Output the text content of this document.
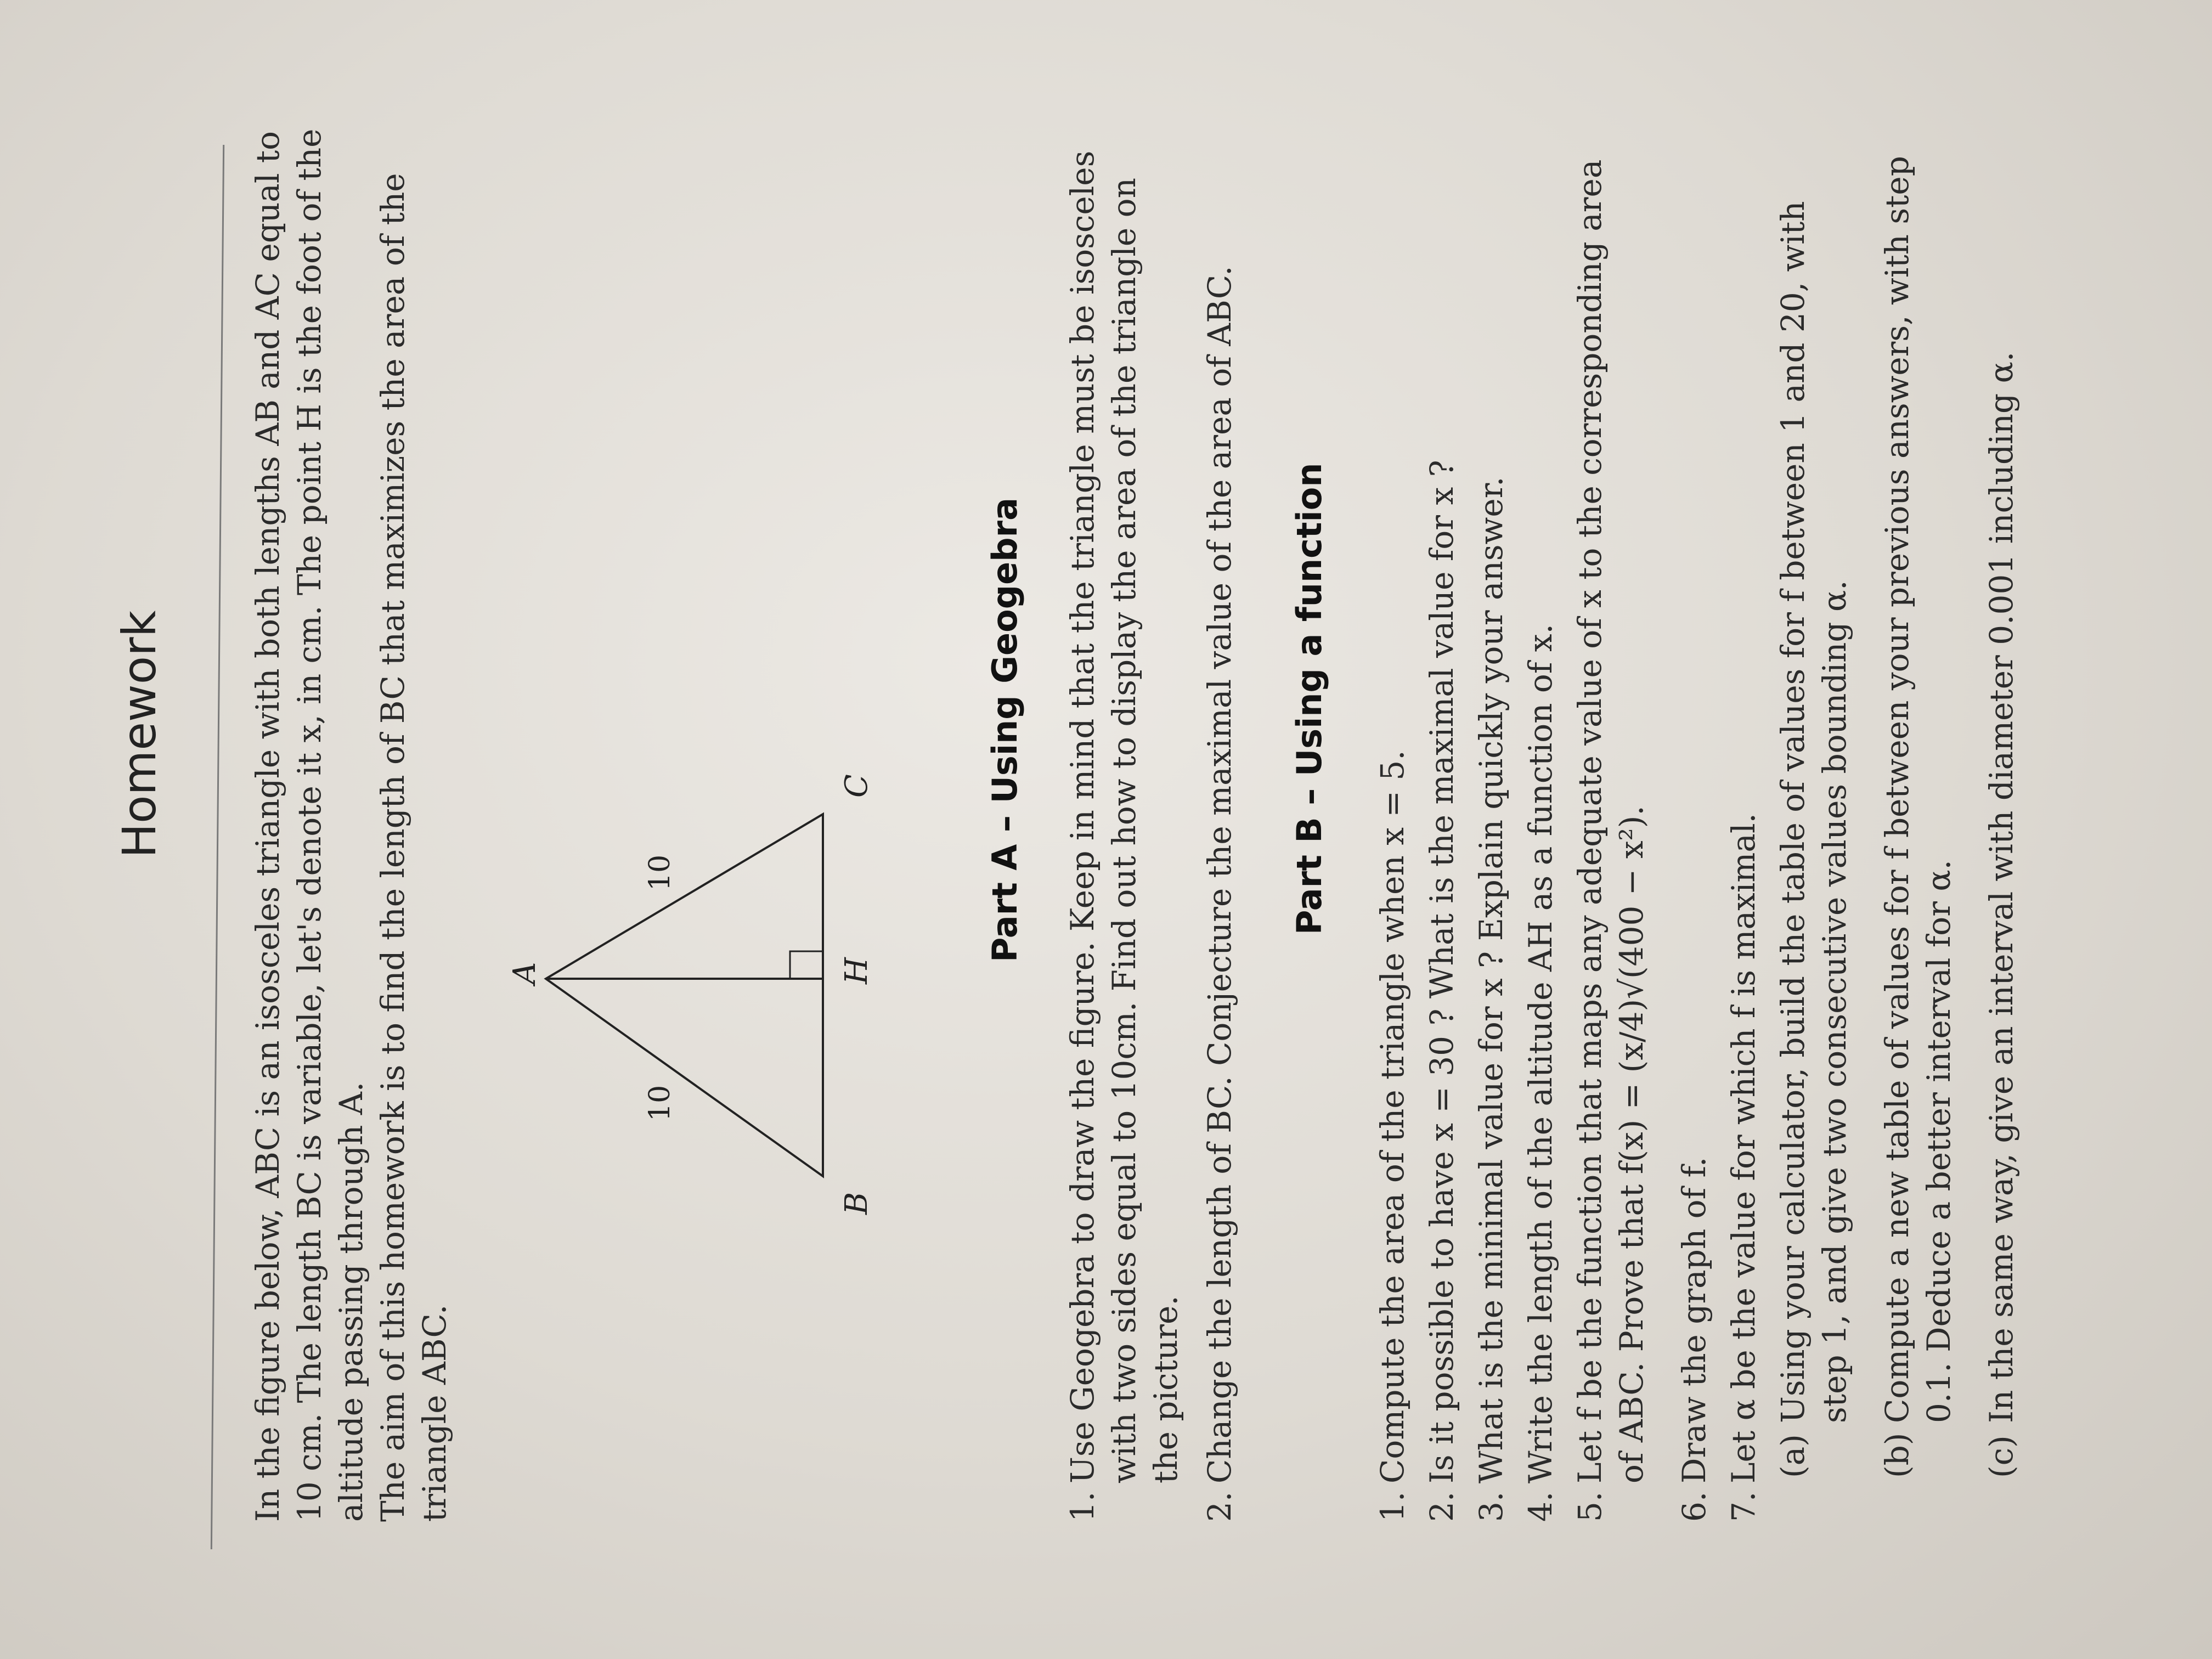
Homework	In the figure below, ABC is an isosceles triangle with both lengths AB and AC equal to 10 cm. The length BC is variable, let's denote it x, in cm. The point H is the foot of the altitude passing through A. The aim of this homework is to find the length of BC that maximizes the area of the triangle ABC.
A
B
C
H
10
10	Part A – Using Geogebra
1.Use Geogebra to draw the figure. Keep in mind that the triangle must be isosceles with two sides equal to 10cm. Find out how to display the area of the triangle on the picture.
2.Change the length of BC. Conjecture the maximal value of the area of ABC. Part B – Using a function
1.Compute the area of the triangle when x = 5.
2.Is it possible to have x = 30 ? What is the maximal value for x ?
3.What is the minimal value for x ? Explain quickly your answer.
4.Write the length of the altitude AH as a function of x.
5.Let f be the function that maps any adequate value of x to the corresponding area of ABC. Prove that f(x) = (x/4)√(400 − x²).
6.Draw the graph of f.
7.Let α be the value for which f is maximal. (a)Using your calculator, build the table of values for f between 1 and 20, with step 1, and give two consecutive values bounding α.
(b)Compute a new table of values for f between your previous answers, with step 0.1. Deduce a better interval for α.
(c)In the same way, give an interval with diameter 0.001 including α.
